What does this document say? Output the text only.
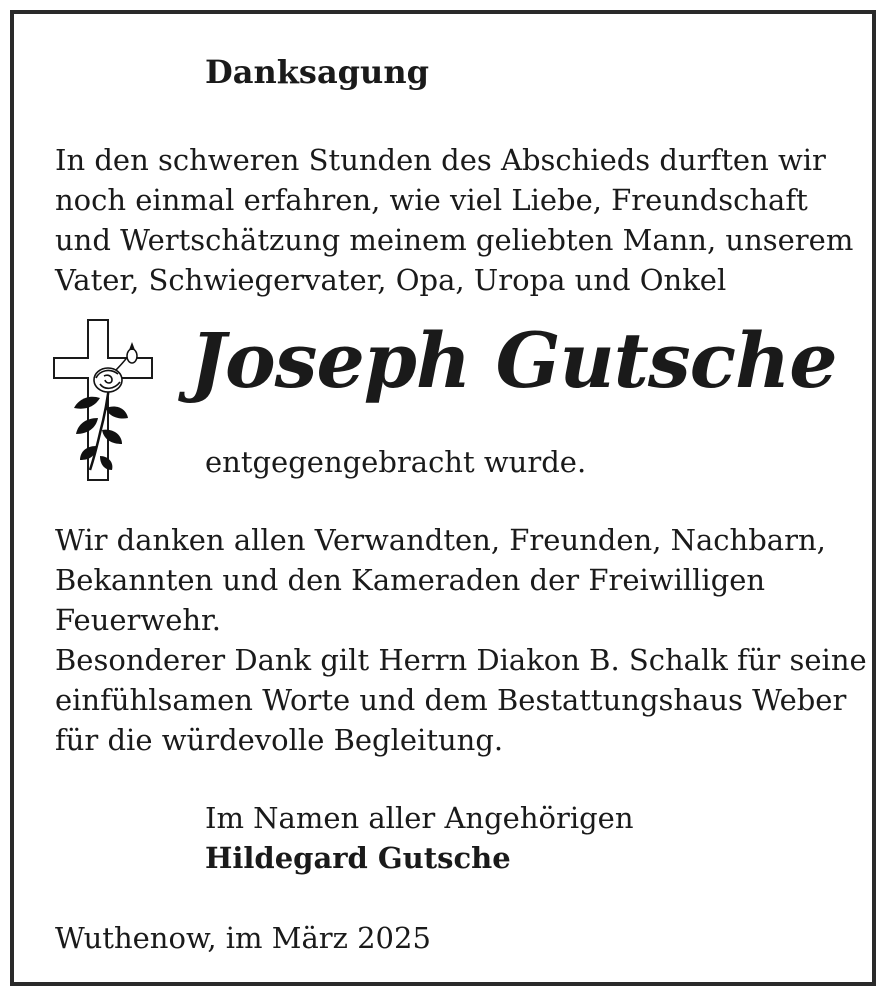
Danksagung
In den schweren Stunden des Abschieds durften wir
noch einmal erfahren, wie viel Liebe, Freundschaft
und Wertschätzung meinem geliebten Mann, unserem
Vater, Schwiegervater, Opa, Uropa und Onkel
Joseph Gutsche
entgegengebracht wurde.
Wir danken allen Verwandten, Freunden, Nachbarn,
Bekannten und den Kameraden der Freiwilligen
Feuerwehr.
Besonderer Dank gilt Herrn Diakon B. Schalk für seine
einfühlsamen Worte und dem Bestattungshaus Weber
für die würdevolle Begleitung.
Im Namen aller Angehörigen
Hildegard Gutsche
Wuthenow, im März 2025
